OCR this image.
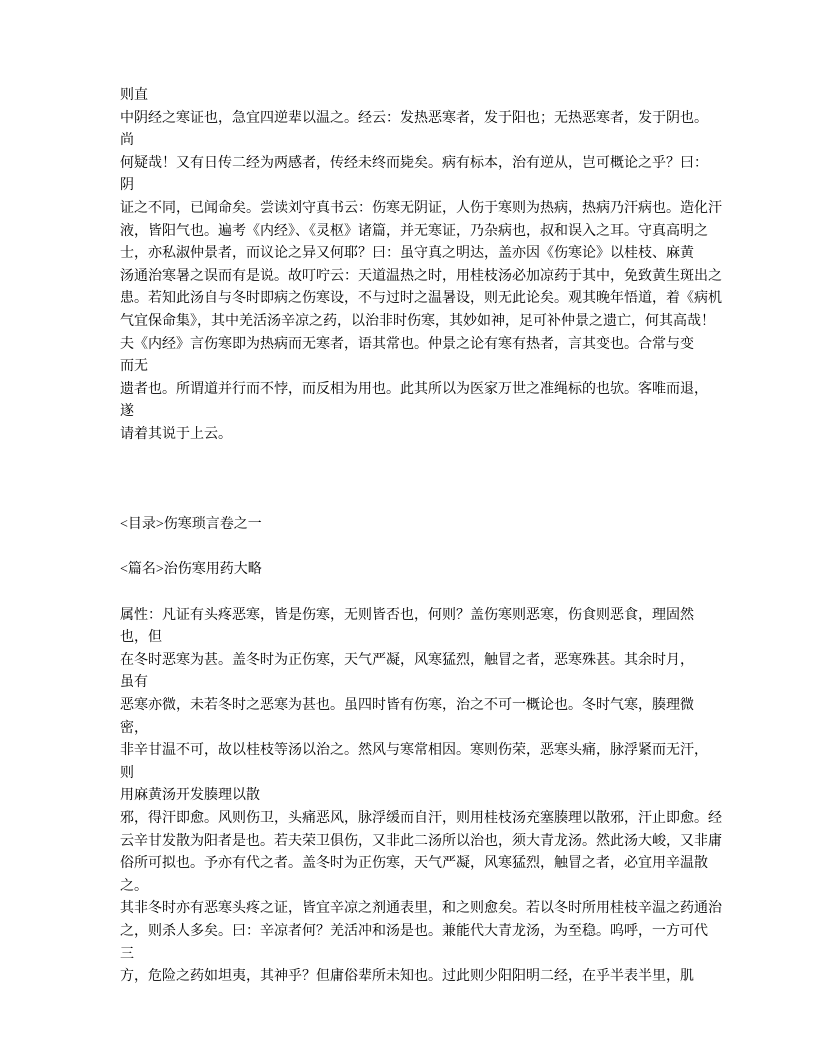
则直
中阴经之寒证也，急宜四逆辈以温之。经云：发热恶寒者，发于阳也；无热恶寒者，发于阴也。
尚
何疑哉！又有日传二经为两感者，传经未终而毙矣。病有标本，治有逆从，岂可概论之乎？曰：
阴
证之不同，已闻命矣。尝读刘守真书云：伤寒无阴证，人伤于寒则为热病，热病乃汗病也。造化汗
液，皆阳气也。遍考《内经》、《灵枢》诸篇，并无寒证，乃杂病也，叔和误入之耳。守真高明之
士，亦私淑仲景者，而议论之异又何耶？曰：虽守真之明达，盖亦因《伤寒论》以桂枝、麻黄
汤通治寒暑之误而有是说。故叮咛云：天道温热之时，用桂枝汤必加凉药于其中，免致黄生斑出之
患。若知此汤自与冬时即病之伤寒设，不与过时之温暑设，则无此论矣。观其晚年悟道，着《病机
气宜保命集》，其中羌活汤辛凉之药，以治非时伤寒，其妙如神，足可补仲景之遗亡，何其高哉！
夫《内经》言伤寒即为热病而无寒者，语其常也。仲景之论有寒有热者，言其变也。合常与变
而无
遗者也。所谓道并行而不悖，而反相为用也。此其所以为医家万世之准绳标的也欤。客唯而退，
遂
请着其说于上云。
<目录>伤寒琐言卷之一
<篇名>治伤寒用药大略
属性：凡证有头疼恶寒，皆是伤寒，无则皆否也，何则？盖伤寒则恶寒，伤食则恶食，理固然
也，但
在冬时恶寒为甚。盖冬时为正伤寒，天气严凝，风寒猛烈，触冒之者，恶寒殊甚。其余时月，
虽有
恶寒亦微，未若冬时之恶寒为甚也。虽四时皆有伤寒，治之不可一概论也。冬时气寒，腠理微
密，
非辛甘温不可，故以桂枝等汤以治之。然风与寒常相因。寒则伤荣，恶寒头痛，脉浮紧而无汗，
则
用麻黄汤开发腠理以散
邪，得汗即愈。风则伤卫，头痛恶风，脉浮缓而自汗，则用桂枝汤充塞腠理以散邪，汗止即愈。经
云辛甘发散为阳者是也。若夫荣卫俱伤，又非此二汤所以治也，须大青龙汤。然此汤大峻，又非庸
俗所可拟也。予亦有代之者。盖冬时为正伤寒，天气严凝，风寒猛烈，触冒之者，必宜用辛温散
之。
其非冬时亦有恶寒头疼之证，皆宜辛凉之剂通表里，和之则愈矣。若以冬时所用桂枝辛温之药通治
之，则杀人多矣。曰：辛凉者何？羌活冲和汤是也。兼能代大青龙汤，为至稳。呜呼，一方可代
三
方，危险之药如坦夷，其神乎？但庸俗辈所未知也。过此则少阳阳明二经，在乎半表半里，肌
